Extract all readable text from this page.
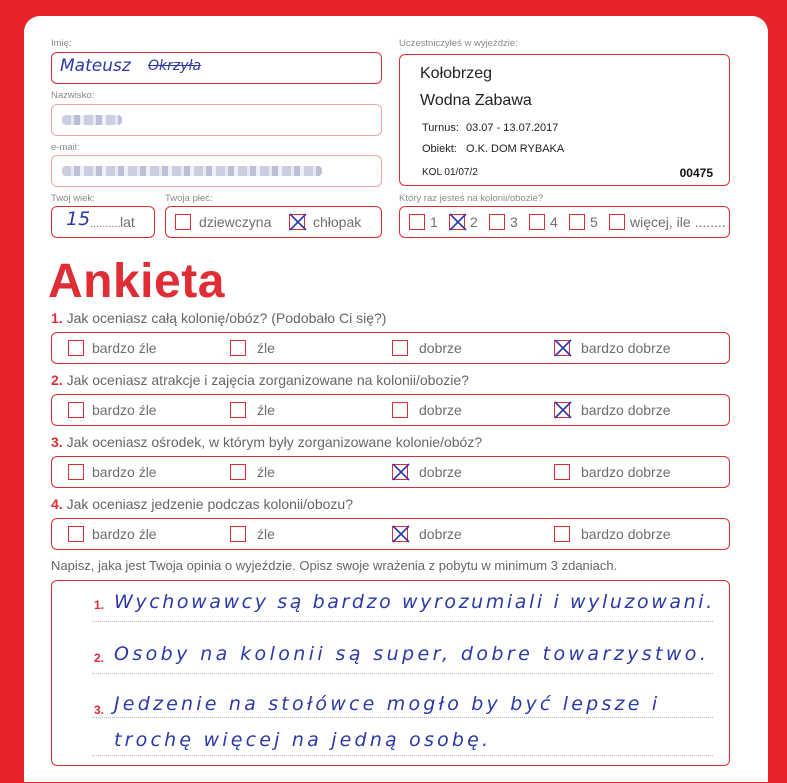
Imię:
Mateusz Okrzyła
Nazwisko:
e-mail:
Twój wiek:
15 .......... lat
Twoja płeć:
dziewczyna	chłopak
Uczestniczyłeś w wyjeździe:
Kołobrzeg
Wodna Zabawa
Turnus: 03.07 - 13.07.2017
Obiekt: O.K. DOM RYBAKA
KOL 01/07/2	00475
Który raz jesteś na kolonii/obozie?
1 2 3 4 5 więcej, ile ........
Ankieta
1. Jak oceniasz całą kolonię/obóz? (Podobało Ci się?)
bardzo źle	źle	dobrze	bardzo dobrze
2. Jak oceniasz atrakcje i zajęcia zorganizowane na kolonii/obozie?
bardzo źle	źle	dobrze	bardzo dobrze
3. Jak oceniasz ośrodek, w którym były zorganizowane kolonie/obóz?
bardzo źle	źle	dobrze	bardzo dobrze
4. Jak oceniasz jedzenie podczas kolonii/obozu?
bardzo źle	źle	dobrze	bardzo dobrze
Napisz, jaka jest Twoja opinia o wyjeździe. Opisz swoje wrażenia z pobytu w minimum 3 zdaniach.
1. Wychowawcy są bardzo wyrozumiali i wyluzowani.
2. Osoby na kolonii są super, dobre towarzystwo.
3. Jedzenie na stołówce mogło by być lepsze i
trochę więcej na jedną osobę.
